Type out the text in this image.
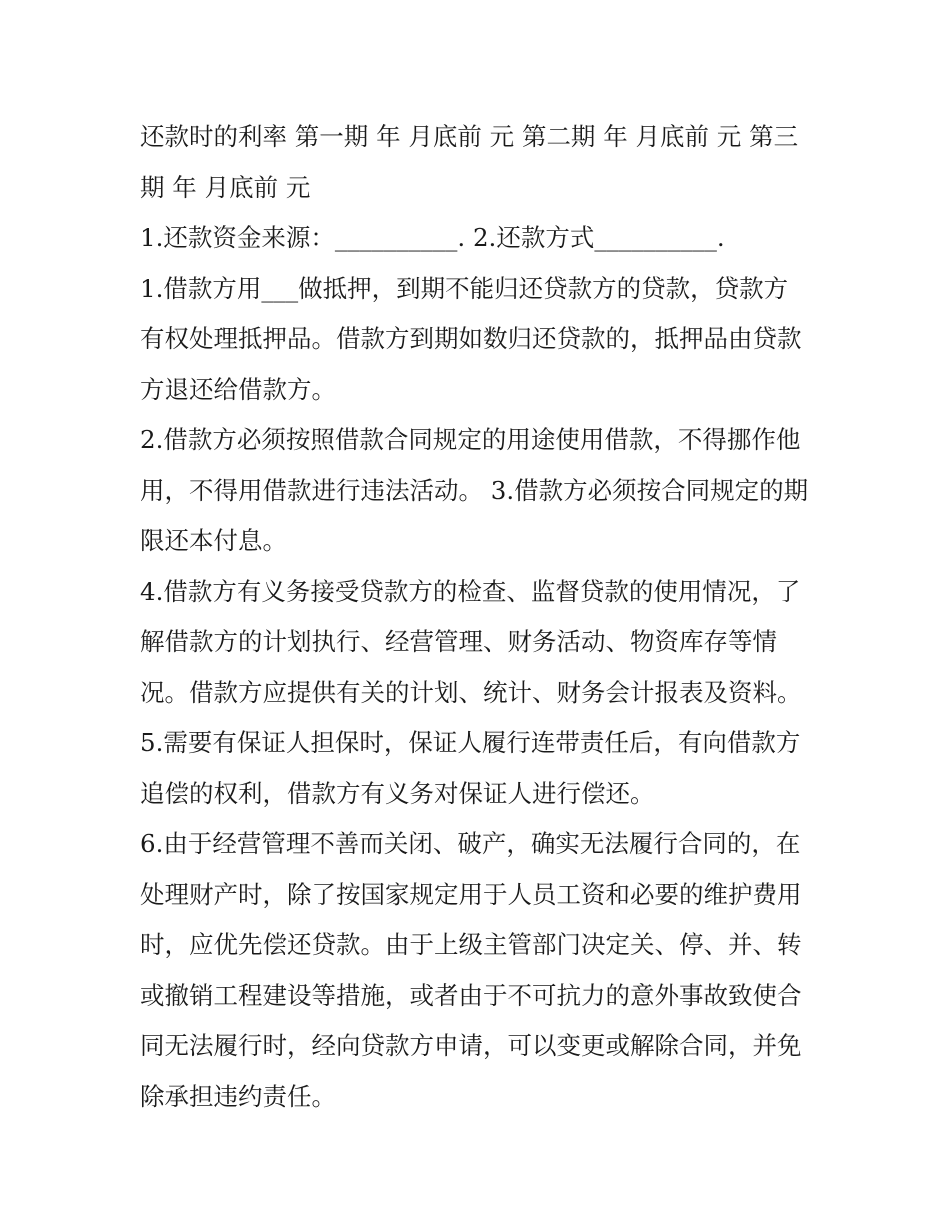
还款时的利率 第一期 年 月底前 元 第二期 年 月底前 元 第三
期 年 月底前 元
1.还款资金来源：__________. 2.还款方式__________.
1.借款方用___做抵押，到期不能归还贷款方的贷款，贷款方
有权处理抵押品。借款方到期如数归还贷款的，抵押品由贷款
方退还给借款方。
2.借款方必须按照借款合同规定的用途使用借款，不得挪作他
用，不得用借款进行违法活动。 3.借款方必须按合同规定的期
限还本付息。
4.借款方有义务接受贷款方的检查、监督贷款的使用情况，了
解借款方的计划执行、经营管理、财务活动、物资库存等情
况。借款方应提供有关的计划、统计、财务会计报表及资料。
5.需要有保证人担保时，保证人履行连带责任后，有向借款方
追偿的权利，借款方有义务对保证人进行偿还。
6.由于经营管理不善而关闭、破产，确实无法履行合同的，在
处理财产时，除了按国家规定用于人员工资和必要的维护费用
时，应优先偿还贷款。由于上级主管部门决定关、停、并、转
或撤销工程建设等措施，或者由于不可抗力的意外事故致使合
同无法履行时，经向贷款方申请，可以变更或解除合同，并免
除承担违约责任。
